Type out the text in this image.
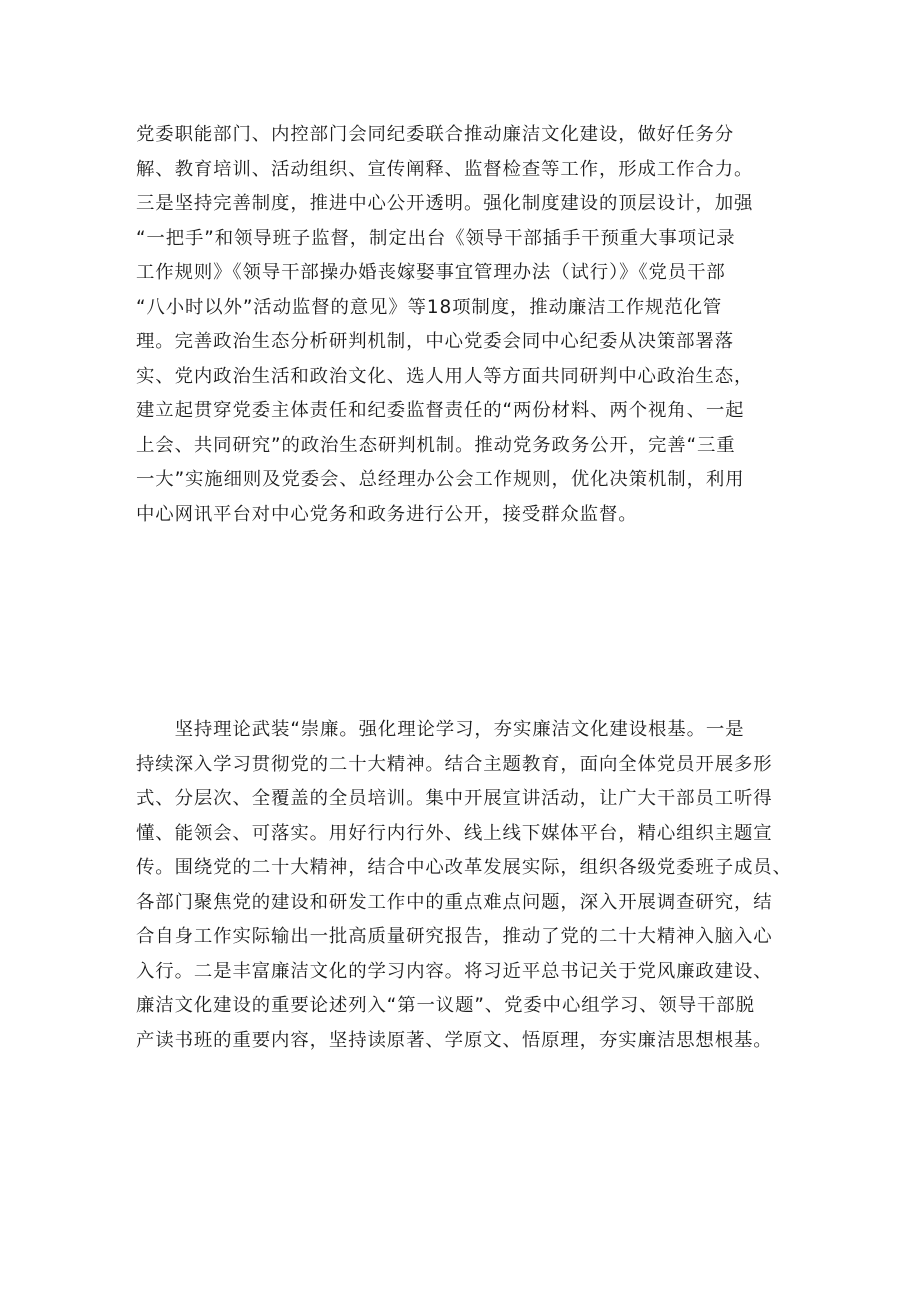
党委职能部门、内控部门会同纪委联合推动廉洁文化建设，做好任务分
解、教育培训、活动组织、宣传阐释、监督检查等工作，形成工作合力。
三是坚持完善制度，推进中心公开透明。强化制度建设的顶层设计，加强
“一把手”和领导班子监督，制定出台《领导干部插手干预重大事项记录
工作规则》《领导干部操办婚丧嫁娶事宜管理办法（试行）》《党员干部
“八小时以外”活动监督的意见》等18项制度，推动廉洁工作规范化管
理。完善政治生态分析研判机制，中心党委会同中心纪委从决策部署落
实、党内政治生活和政治文化、选人用人等方面共同研判中心政治生态，
建立起贯穿党委主体责任和纪委监督责任的“两份材料、两个视角、一起
上会、共同研究”的政治生态研判机制。推动党务政务公开，完善“三重
一大”实施细则及党委会、总经理办公会工作规则，优化决策机制，利用
中心网讯平台对中心党务和政务进行公开，接受群众监督。
　　坚持理论武装“崇廉。强化理论学习，夯实廉洁文化建设根基。一是
持续深入学习贯彻党的二十大精神。结合主题教育，面向全体党员开展多形
式、分层次、全覆盖的全员培训。集中开展宣讲活动，让广大干部员工听得
懂、能领会、可落实。用好行内行外、线上线下媒体平台，精心组织主题宣
传。围绕党的二十大精神，结合中心改革发展实际，组织各级党委班子成员、
各部门聚焦党的建设和研发工作中的重点难点问题，深入开展调查研究，结
合自身工作实际输出一批高质量研究报告，推动了党的二十大精神入脑入心
入行。二是丰富廉洁文化的学习内容。将习近平总书记关于党风廉政建设、
廉洁文化建设的重要论述列入“第一议题”、党委中心组学习、领导干部脱
产读书班的重要内容，坚持读原著、学原文、悟原理，夯实廉洁思想根基。
